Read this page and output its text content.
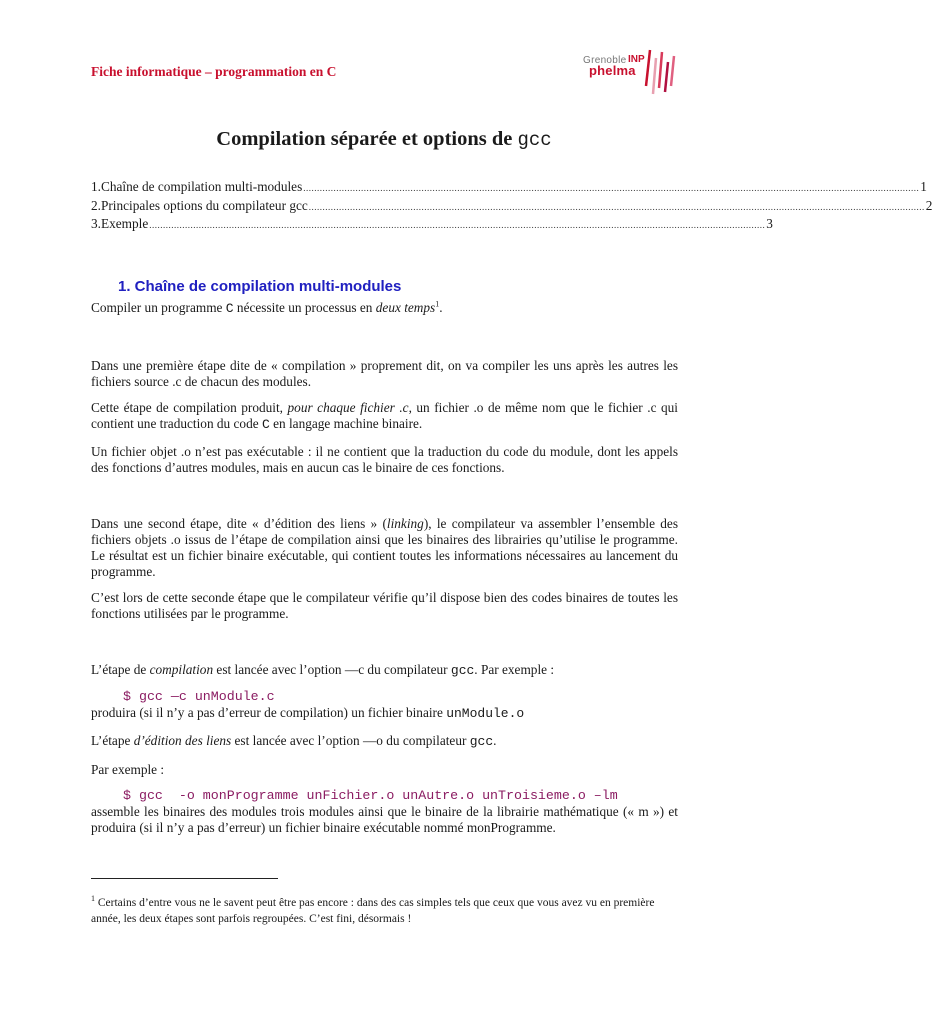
Fiche informatique – programmation en C
Grenoble INP
phelma
Compilation séparée et options de gcc
1. Chaîne de compilation multi-modules ................................................................................................................................................................................................................................ 1
2. Principales options du compilateur gcc ................................................................................................................................................................................................................................ 2
3. Exemple ................................................................................................................................................................................................................................ 3
1. Chaîne de compilation multi-modules
Compiler un programme C nécessite un processus en deux temps$^1$.
Dans une première étape dite de « compilation » proprement dit, on va compiler les uns après les autres les fichiers source .c de chacun des modules.
Cette étape de compilation produit, pour chaque fichier .c, un fichier .o de même nom que le fichier .c qui contient une traduction du code C en langage machine binaire.
Un fichier objet .o n’est pas exécutable : il ne contient que la traduction du code du module, dont les appels des fonctions d’autres modules, mais en aucun cas le binaire de ces fonctions.
Dans une second étape, dite « d’édition des liens » (linking), le compilateur va assembler l’ensemble des fichiers objets .o issus de l’étape de compilation ainsi que les binaires des librairies qu’utilise le programme. Le résultat est un fichier binaire exécutable, qui contient toutes les informations nécessaires au lancement du programme.
C’est lors de cette seconde étape que le compilateur vérifie qu’il dispose bien des codes binaires de toutes les fonctions utilisées par le programme.
L’étape de compilation est lancée avec l’option —c du compilateur gcc. Par exemple :
$ gcc —c unModule.c
produira (si il n’y a pas d’erreur de compilation) un fichier binaire unModule.o
L’étape d’édition des liens est lancée avec l’option —o du compilateur gcc.
Par exemple :
$ gcc  -o monProgramme unFichier.o unAutre.o unTroisieme.o –lm
assemble les binaires des modules trois modules ainsi que le binaire de la librairie mathématique (« m ») et produira (si il n’y a pas d’erreur) un fichier binaire exécutable nommé monProgramme.
$^1$ Certains d’entre vous ne le savent peut être pas encore : dans des cas simples tels que ceux que vous avez vu en première année, les deux étapes sont parfois regroupées. C’est fini, désormais !
